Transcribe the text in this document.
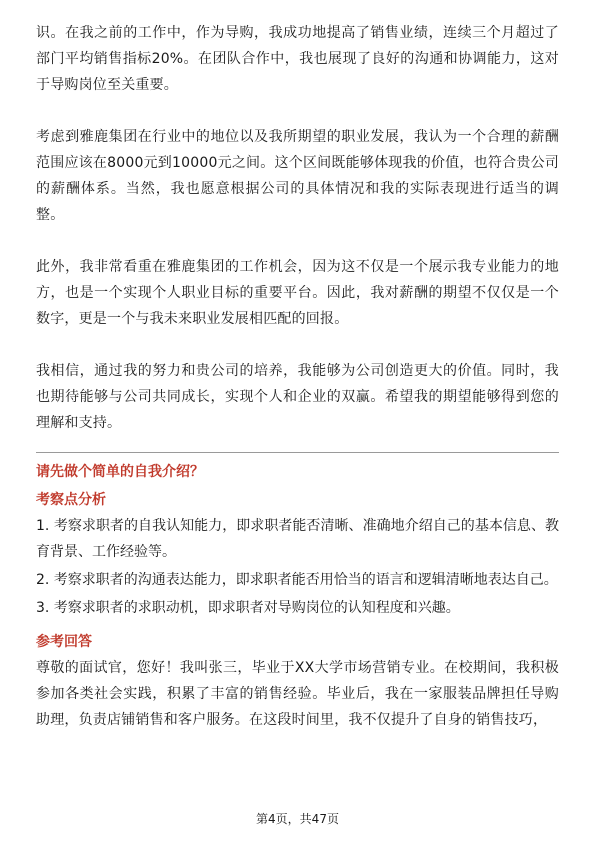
识。在我之前的工作中，作为导购，我成功地提高了销售业绩，连续三个月超过了部门平均销售指标20%。在团队合作中，我也展现了良好的沟通和协调能力，这对于导购岗位至关重要。

考虑到雅鹿集团在行业中的地位以及我所期望的职业发展，我认为一个合理的薪酬范围应该在8000元到10000元之间。这个区间既能够体现我的价值，也符合贵公司的薪酬体系。当然，我也愿意根据公司的具体情况和我的实际表现进行适当的调整。

此外，我非常看重在雅鹿集团的工作机会，因为这不仅是一个展示我专业能力的地方，也是一个实现个人职业目标的重要平台。因此，我对薪酬的期望不仅仅是一个数字，更是一个与我未来职业发展相匹配的回报。

我相信，通过我的努力和贵公司的培养，我能够为公司创造更大的价值。同时，我也期待能够与公司共同成长，实现个人和企业的双赢。希望我的期望能够得到您的理解和支持。

请先做个简单的自我介绍？

考察点分析

1. 考察求职者的自我认知能力，即求职者能否清晰、准确地介绍自己的基本信息、教育背景、工作经验等。

2. 考察求职者的沟通表达能力，即求职者能否用恰当的语言和逻辑清晰地表达自己。

3. 考察求职者的求职动机，即求职者对导购岗位的认知程度和兴趣。

参考回答

尊敬的面试官，您好！我叫张三，毕业于XX大学市场营销专业。在校期间，我积极参加各类社会实践，积累了丰富的销售经验。毕业后，我在一家服装品牌担任导购助理，负责店铺销售和客户服务。在这段时间里，我不仅提升了自身的销售技巧，

第4页，共47页
